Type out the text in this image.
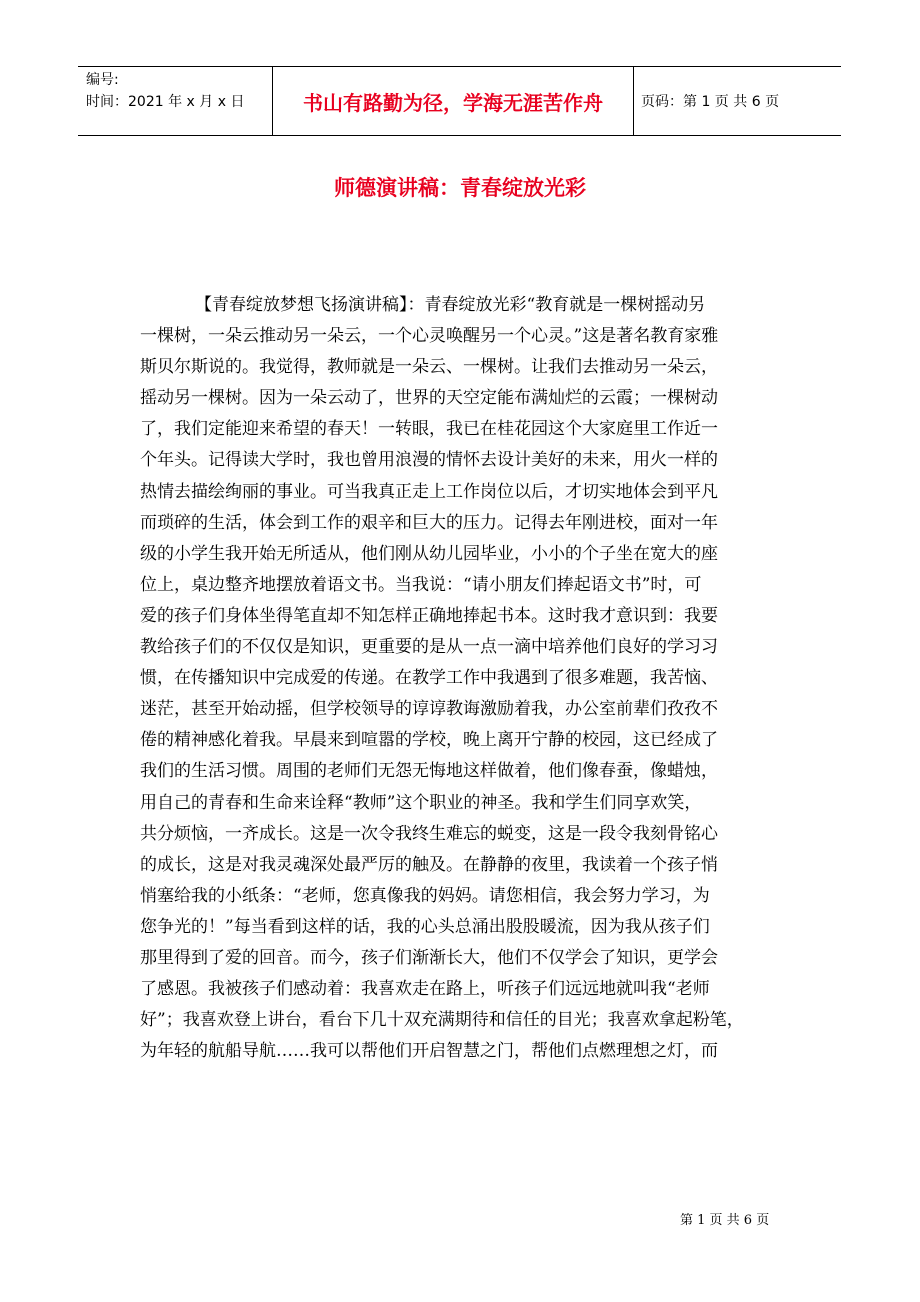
编号:
时间：2021 年 x 月 x 日	书山有路勤为径，学海无涯苦作舟	页码：第 1 页 共 6 页
师德演讲稿：青春绽放光彩
【青春绽放梦想飞扬演讲稿】：青春绽放光彩“教育就是一棵树摇动另
一棵树，一朵云推动另一朵云，一个心灵唤醒另一个心灵。”这是著名教育家雅
斯贝尔斯说的。我觉得，教师就是一朵云、一棵树。让我们去推动另一朵云，
摇动另一棵树。因为一朵云动了，世界的天空定能布满灿烂的云霞；一棵树动
了，我们定能迎来希望的春天！一转眼，我已在桂花园这个大家庭里工作近一
个年头。记得读大学时，我也曾用浪漫的情怀去设计美好的未来，用火一样的
热情去描绘绚丽的事业。可当我真正走上工作岗位以后，才切实地体会到平凡
而琐碎的生活，体会到工作的艰辛和巨大的压力。记得去年刚进校，面对一年
级的小学生我开始无所适从，他们刚从幼儿园毕业，小小的个子坐在宽大的座
位上，桌边整齐地摆放着语文书。当我说：“请小朋友们捧起语文书”时，可
爱的孩子们身体坐得笔直却不知怎样正确地捧起书本。这时我才意识到：我要
教给孩子们的不仅仅是知识，更重要的是从一点一滴中培养他们良好的学习习
惯，在传播知识中完成爱的传递。在教学工作中我遇到了很多难题，我苦恼、
迷茫，甚至开始动摇，但学校领导的谆谆教诲激励着我，办公室前辈们孜孜不
倦的精神感化着我。早晨来到喧嚣的学校，晚上离开宁静的校园，这已经成了
我们的生活习惯。周围的老师们无怨无悔地这样做着，他们像春蚕，像蜡烛，
用自己的青春和生命来诠释“教师”这个职业的神圣。我和学生们同享欢笑，
共分烦恼，一齐成长。这是一次令我终生难忘的蜕变，这是一段令我刻骨铭心
的成长，这是对我灵魂深处最严厉的触及。在静静的夜里，我读着一个孩子悄
悄塞给我的小纸条：“老师，您真像我的妈妈。请您相信，我会努力学习，为
您争光的！”每当看到这样的话，我的心头总涌出股股暖流，因为我从孩子们
那里得到了爱的回音。而今，孩子们渐渐长大，他们不仅学会了知识，更学会
了感恩。我被孩子们感动着：我喜欢走在路上，听孩子们远远地就叫我“老师
好”；我喜欢登上讲台，看台下几十双充满期待和信任的目光；我喜欢拿起粉笔，
为年轻的航船导航……我可以帮他们开启智慧之门，帮他们点燃理想之灯，而
第 1 页 共 6 页
